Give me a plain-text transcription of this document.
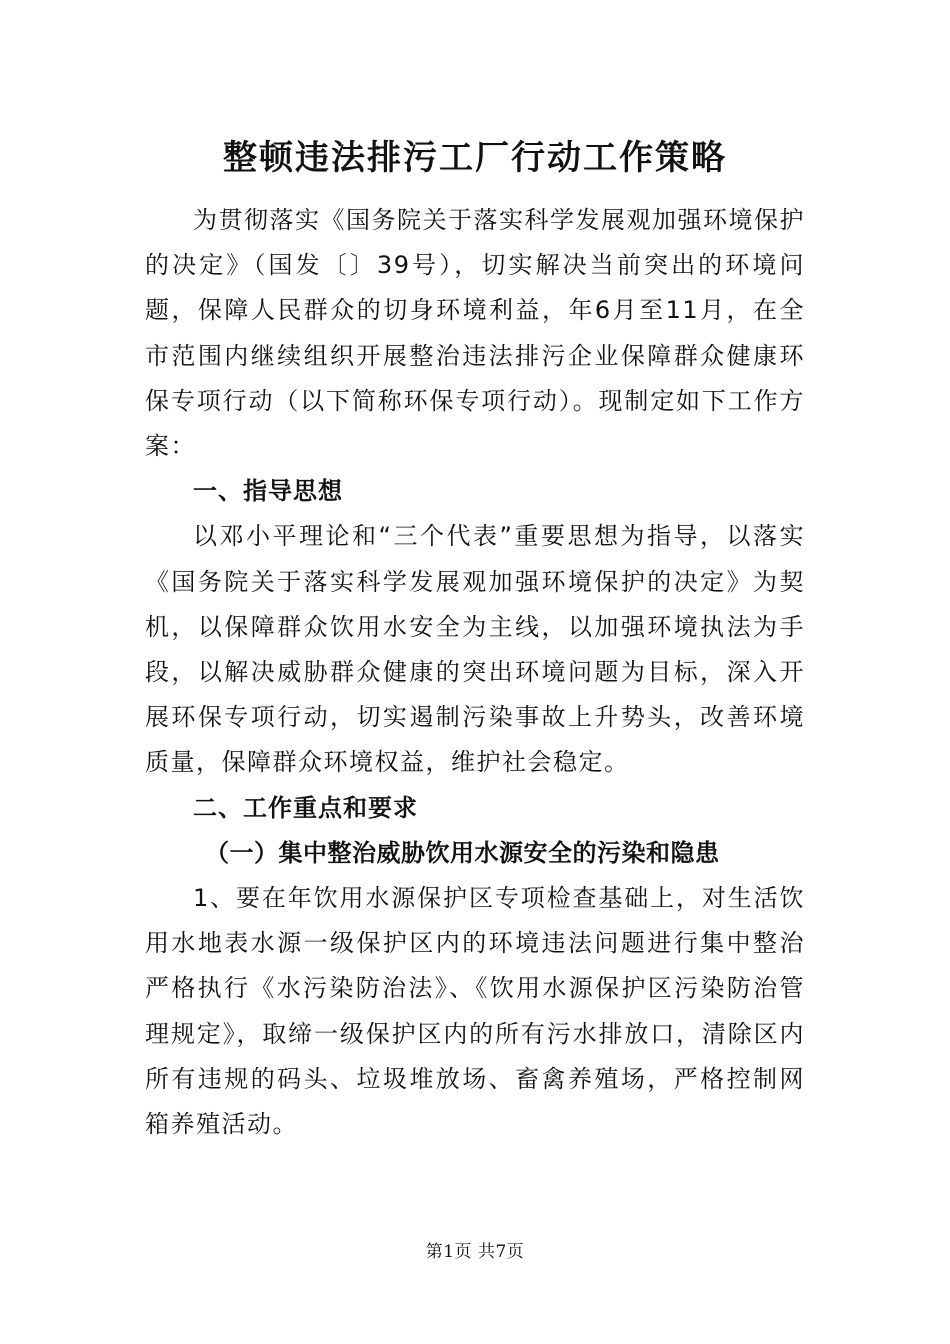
整顿违法排污工厂行动工作策略

为贯彻落实《国务院关于落实科学发展观加强环境保护的决定》（国发〔〕39号），切实解决当前突出的环境问题，保障人民群众的切身环境利益，年6月至11月，在全市范围内继续组织开展整治违法排污企业保障群众健康环保专项行动（以下简称环保专项行动）。现制定如下工作方案：

一、指导思想

以邓小平理论和“三个代表”重要思想为指导，以落实《国务院关于落实科学发展观加强环境保护的决定》为契机，以保障群众饮用水安全为主线，以加强环境执法为手段，以解决威胁群众健康的突出环境问题为目标，深入开展环保专项行动，切实遏制污染事故上升势头，改善环境质量，保障群众环境权益，维护社会稳定。

二、工作重点和要求

（一）集中整治威胁饮用水源安全的污染和隐患

1、要在年饮用水源保护区专项检查基础上，对生活饮用水地表水源一级保护区内的环境违法问题进行集中整治严格执行《水污染防治法》、《饮用水源保护区污染防治管理规定》，取缔一级保护区内的所有污水排放口，清除区内所有违规的码头、垃圾堆放场、畜禽养殖场，严格控制网箱养殖活动。

第1页 共7页
